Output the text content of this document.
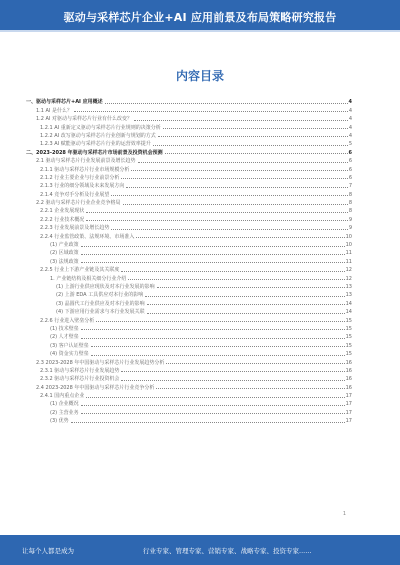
驱动与采样芯片企业+AI 应用前景及布局策略研究报告
内容目录
一、驱动与采样芯片+AI 应用概述	4
1.1 AI 是什么？	4
1.2 AI 对驱动与采样芯片行业有什么改变？	4
1.2.1 AI 重新定义驱动与采样芯片行业规则的决策分析	4
1.2.2 AI 改写驱动与采样芯片行业创新与规划的方式	4
1.2.3 AI 赋能驱动与采样芯片行业的运营效率提升	5
二、2023-2028 年驱动与采样芯片市场前景及投资机会预测	6
2.1 驱动与采样芯片行业发展前景及增长趋势	6
2.1.1 驱动与采样芯片行业市场规模分析	6
2.1.2 行业主要企业与行业前景分析	6
2.1.3 行业的细分领域及未来发展方向	7
2.1.4 竞争对手分析及行业展望	8
2.2 驱动与采样芯片行业企业竞争格局	8
2.2.1 企业发展现状	8
2.2.2 行业技术概况	9
2.2.3 行业发展前景及增长趋势	9
2.2.4 行业监管政策、法规环境、市场准入	10
(1) 产业政策	10
(2) 区域政策	11
(3) 法规政策	11
2.2.5 行业上下游产业链及其关联度	12
1. 产业链结构及相关细分行业介绍	12
(1) 上游行业供应现状及对本行业发展的影响	13
(2) 上游 EDA 工具供应对本行业的影响	13
(3) 晶圆代工行业供应及对本行业的影响	14
(4) 下游应用行业需求与本行业发展关联	14
2.2.6 行业进入壁垒分析	15
(1) 技术壁垒	15
(2) 人才壁垒	15
(3) 客户认证壁垒	15
(4) 资金实力壁垒	15
2.3 2023-2028 年中国驱动与采样芯片行业发展趋势分析	16
2.3.1 驱动与采样芯片行业发展趋势	16
2.3.2 驱动与采样芯片行业投资机会	16
2.4 2023-2028 年中国驱动与采样芯片行业竞争分析	16
2.4.1 国内重点企业	17
(1) 企业概况	17
(2) 主营业务	17
(3) 优势	17
1
让每个人都是成为	行业专家、管理专家、营销专家、战略专家、投资专家......
